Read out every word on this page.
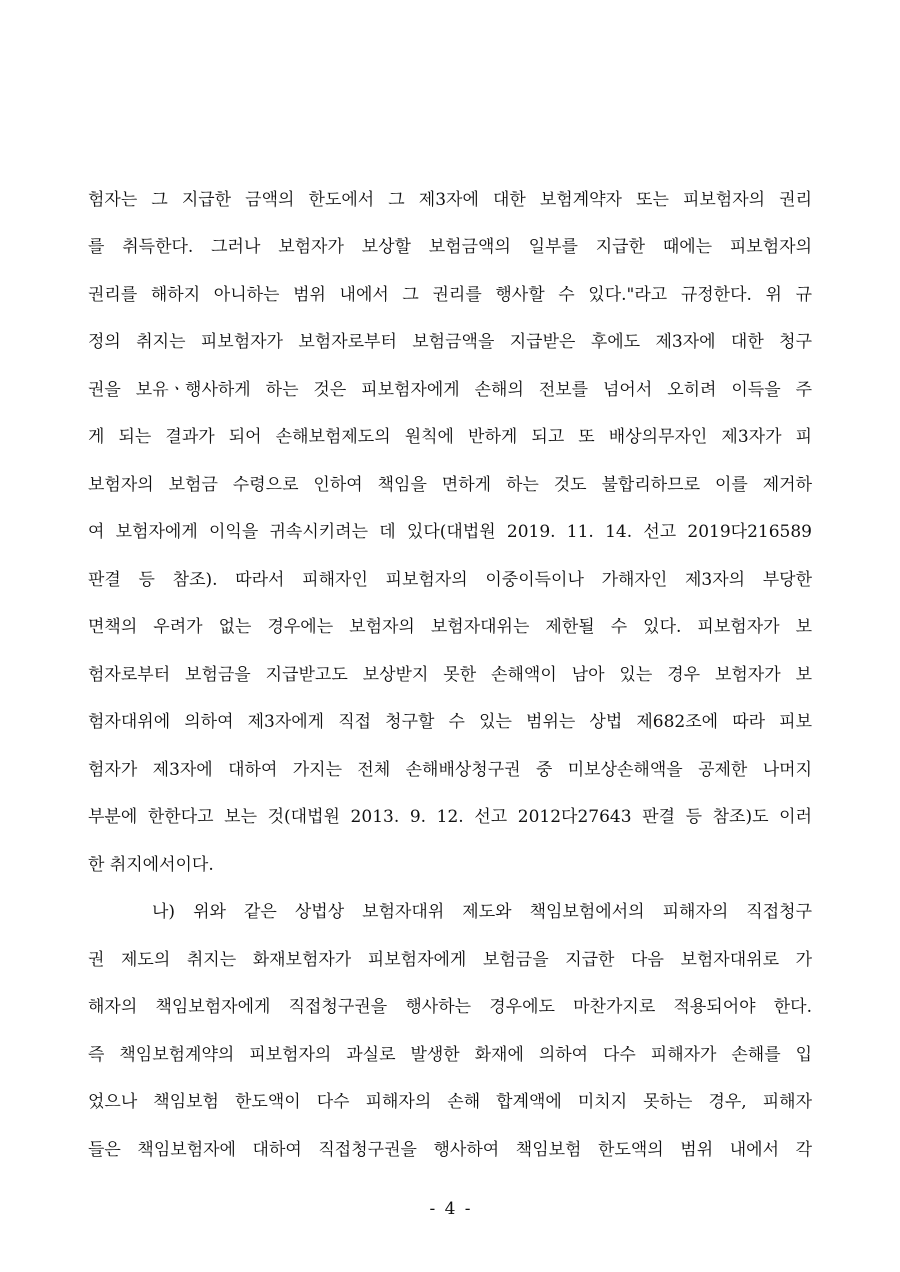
험자는 그 지급한 금액의 한도에서 그 제3자에 대한 보험계약자 또는 피보험자의 권리
를 취득한다. 그러나 보험자가 보상할 보험금액의 일부를 지급한 때에는 피보험자의
권리를 해하지 아니하는 범위 내에서 그 권리를 행사할 수 있다."라고 규정한다. 위 규
정의 취지는 피보험자가 보험자로부터 보험금액을 지급받은 후에도 제3자에 대한 청구
권을 보유ㆍ행사하게 하는 것은 피보험자에게 손해의 전보를 넘어서 오히려 이득을 주
게 되는 결과가 되어 손해보험제도의 원칙에 반하게 되고 또 배상의무자인 제3자가 피
보험자의 보험금 수령으로 인하여 책임을 면하게 하는 것도 불합리하므로 이를 제거하
여 보험자에게 이익을 귀속시키려는 데 있다(대법원 2019. 11. 14. 선고 2019다216589
판결 등 참조). 따라서 피해자인 피보험자의 이중이득이나 가해자인 제3자의 부당한
면책의 우려가 없는 경우에는 보험자의 보험자대위는 제한될 수 있다. 피보험자가 보
험자로부터 보험금을 지급받고도 보상받지 못한 손해액이 남아 있는 경우 보험자가 보
험자대위에 의하여 제3자에게 직접 청구할 수 있는 범위는 상법 제682조에 따라 피보
험자가 제3자에 대하여 가지는 전체 손해배상청구권 중 미보상손해액을 공제한 나머지
부분에 한한다고 보는 것(대법원 2013. 9. 12. 선고 2012다27643 판결 등 참조)도 이러
한 취지에서이다.
나) 위와 같은 상법상 보험자대위 제도와 책임보험에서의 피해자의 직접청구
권 제도의 취지는 화재보험자가 피보험자에게 보험금을 지급한 다음 보험자대위로 가
해자의 책임보험자에게 직접청구권을 행사하는 경우에도 마찬가지로 적용되어야 한다.
즉 책임보험계약의 피보험자의 과실로 발생한 화재에 의하여 다수 피해자가 손해를 입
었으나 책임보험 한도액이 다수 피해자의 손해 합계액에 미치지 못하는 경우, 피해자
들은 책임보험자에 대하여 직접청구권을 행사하여 책임보험 한도액의 범위 내에서 각
- 4 -
